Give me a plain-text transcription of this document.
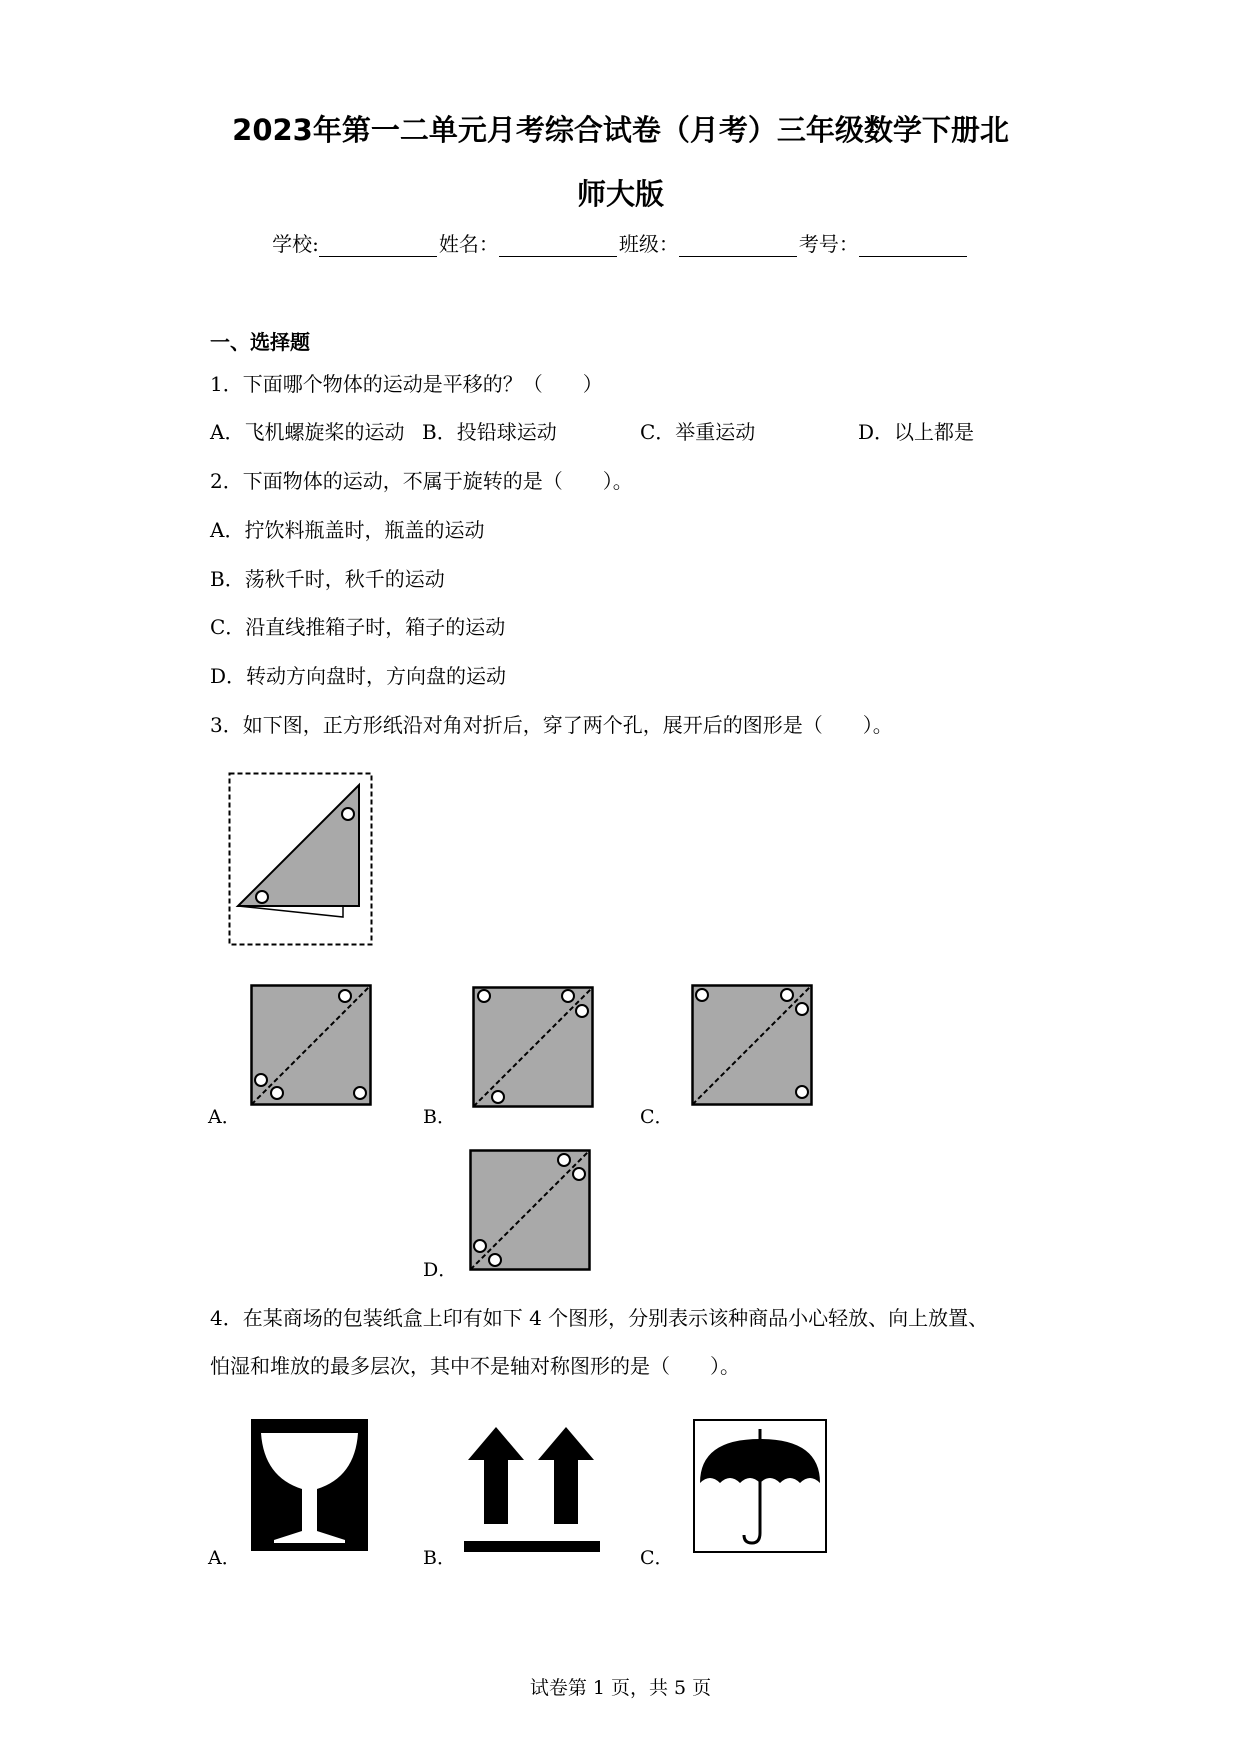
2023年第一二单元月考综合试卷（月考）三年级数学下册北
师大版
学校:	姓名：	班级：	考号：
一、选择题
1．下面哪个物体的运动是平移的？（　　）
A．飞机螺旋桨的运动 B．投铅球运动	C．举重运动	D．以上都是
2．下面物体的运动，不属于旋转的是（　　）。
A．拧饮料瓶盖时，瓶盖的运动
B．荡秋千时，秋千的运动
C．沿直线推箱子时，箱子的运动
D．转动方向盘时，方向盘的运动
3．如下图，正方形纸沿对角对折后，穿了两个孔，展开后的图形是（　　）。
A．	B．	C．
D．
4．在某商场的包装纸盒上印有如下 4 个图形，分别表示该种商品小心轻放、向上放置、
怕湿和堆放的最多层次，其中不是轴对称图形的是（　　）。
A．	B．	C．
试卷第 1 页，共 5 页
